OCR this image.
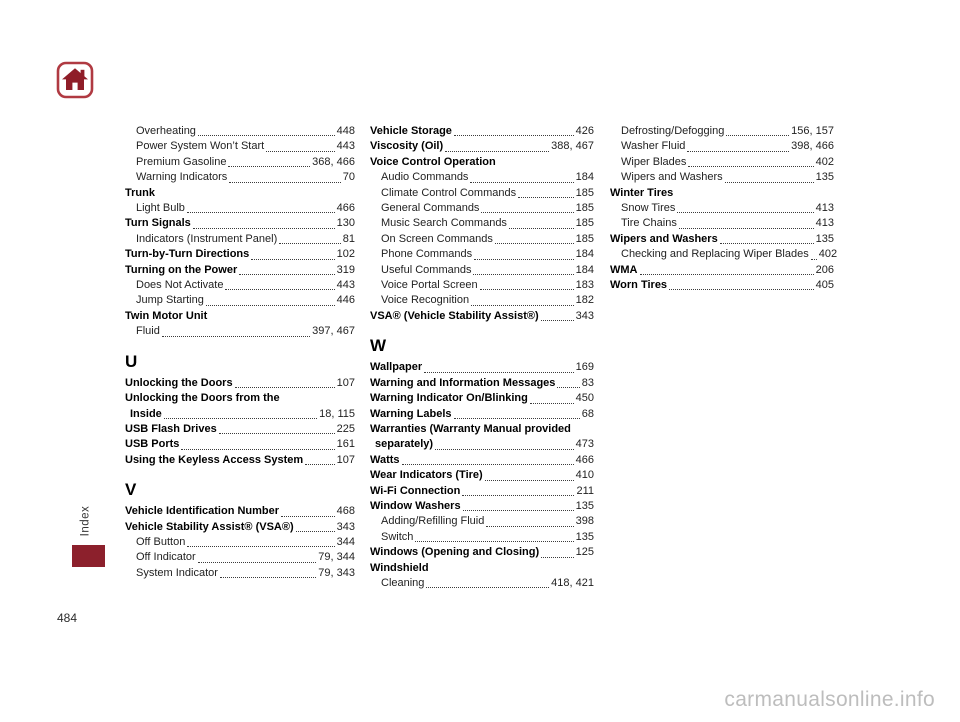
Overheating	448
Power System Won’t Start	443
Premium Gasoline	368, 466
Warning Indicators	70
Trunk
Light Bulb	466
Turn Signals	130
Indicators (Instrument Panel)	81
Turn-by-Turn Directions	102
Turning on the Power	319
Does Not Activate	443
Jump Starting	446
Twin Motor Unit
Fluid	397, 467
U
Unlocking the Doors	107
Unlocking the Doors from the
Inside	18, 115
USB Flash Drives	225
USB Ports	161
Using the Keyless Access System	107
V
Vehicle Identification Number	468
Vehicle Stability Assist® (VSA®)	343
Off Button	344
Off Indicator	79, 344
System Indicator	79, 343
Vehicle Storage	426
Viscosity (Oil)	388, 467
Voice Control Operation
Audio Commands	184
Climate Control Commands	185
General Commands	185
Music Search Commands	185
On Screen Commands	185
Phone Commands	184
Useful Commands	184
Voice Portal Screen	183
Voice Recognition	182
VSA® (Vehicle Stability Assist®)	343
W
Wallpaper	169
Warning and Information Messages 83
Warning Indicator On/Blinking	450
Warning Labels	68
Warranties (Warranty Manual provided
separately)	473
Watts	466
Wear Indicators (Tire)	410
Wi-Fi Connection	211
Window Washers	135
Adding/Refilling Fluid	398
Switch	135
Windows (Opening and Closing)	125
Windshield
Cleaning	418, 421
Defrosting/Defogging	156, 157
Washer Fluid	398, 466
Wiper Blades	402
Wipers and Washers	135
Winter Tires
Snow Tires	413
Tire Chains	413
Wipers and Washers	135
Checking and Replacing Wiper Blades 402
WMA	206
Worn Tires	405
Index
484
carmanualsonline.info
